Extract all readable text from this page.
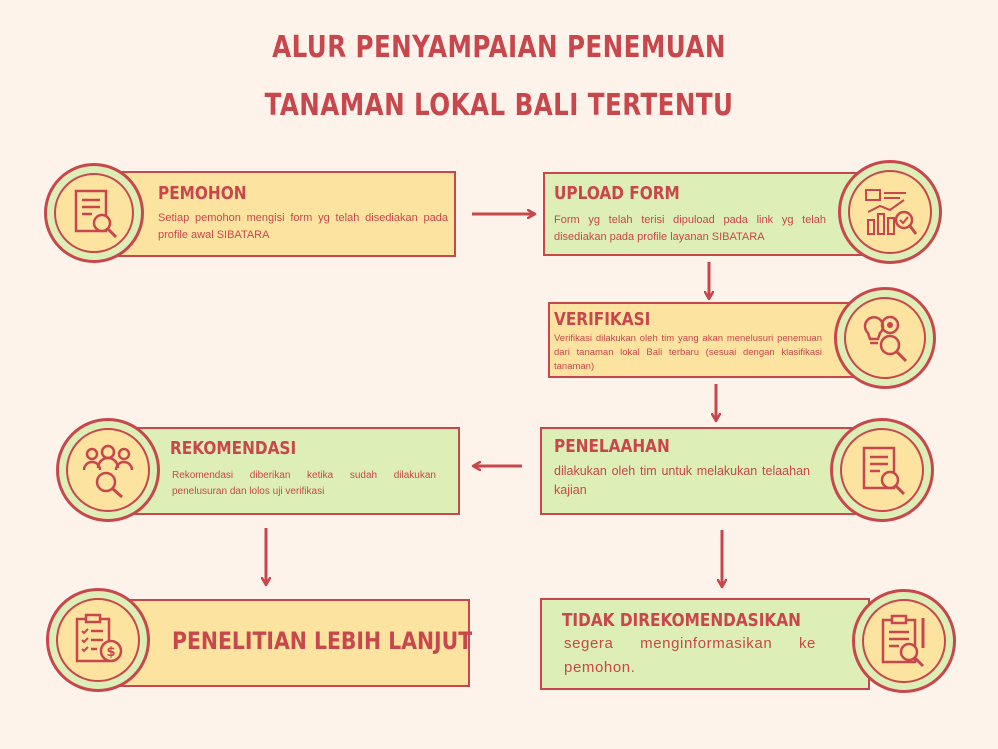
ALUR PENYAMPAIAN PENEMUAN
TANAMAN LOKAL BALI TERTENTU
PEMOHON
Setiap pemohon mengisi form yg telah disediakan pada profile awal SIBATARA
UPLOAD FORM
Form yg telah terisi dipuload pada link yg telah disediakan pada profile layanan SIBATARA
VERIFIKASI
Verifikasi dilakukan oleh tim yang akan menelusuri penemuan dari tanaman lokal Bali terbaru (sesuai dengan klasifikasi tanaman)
PENELAAHAN
dilakukan oleh tim untuk melakukan telaahan kajian
REKOMENDASI
Rekomendasi diberikan ketika sudah dilakukan penelusuran dan lolos uji verifikasi
TIDAK DIREKOMENDASIKAN
segera menginformasikan ke pemohon.
PENELITIAN LEBIH LANJUT
$
